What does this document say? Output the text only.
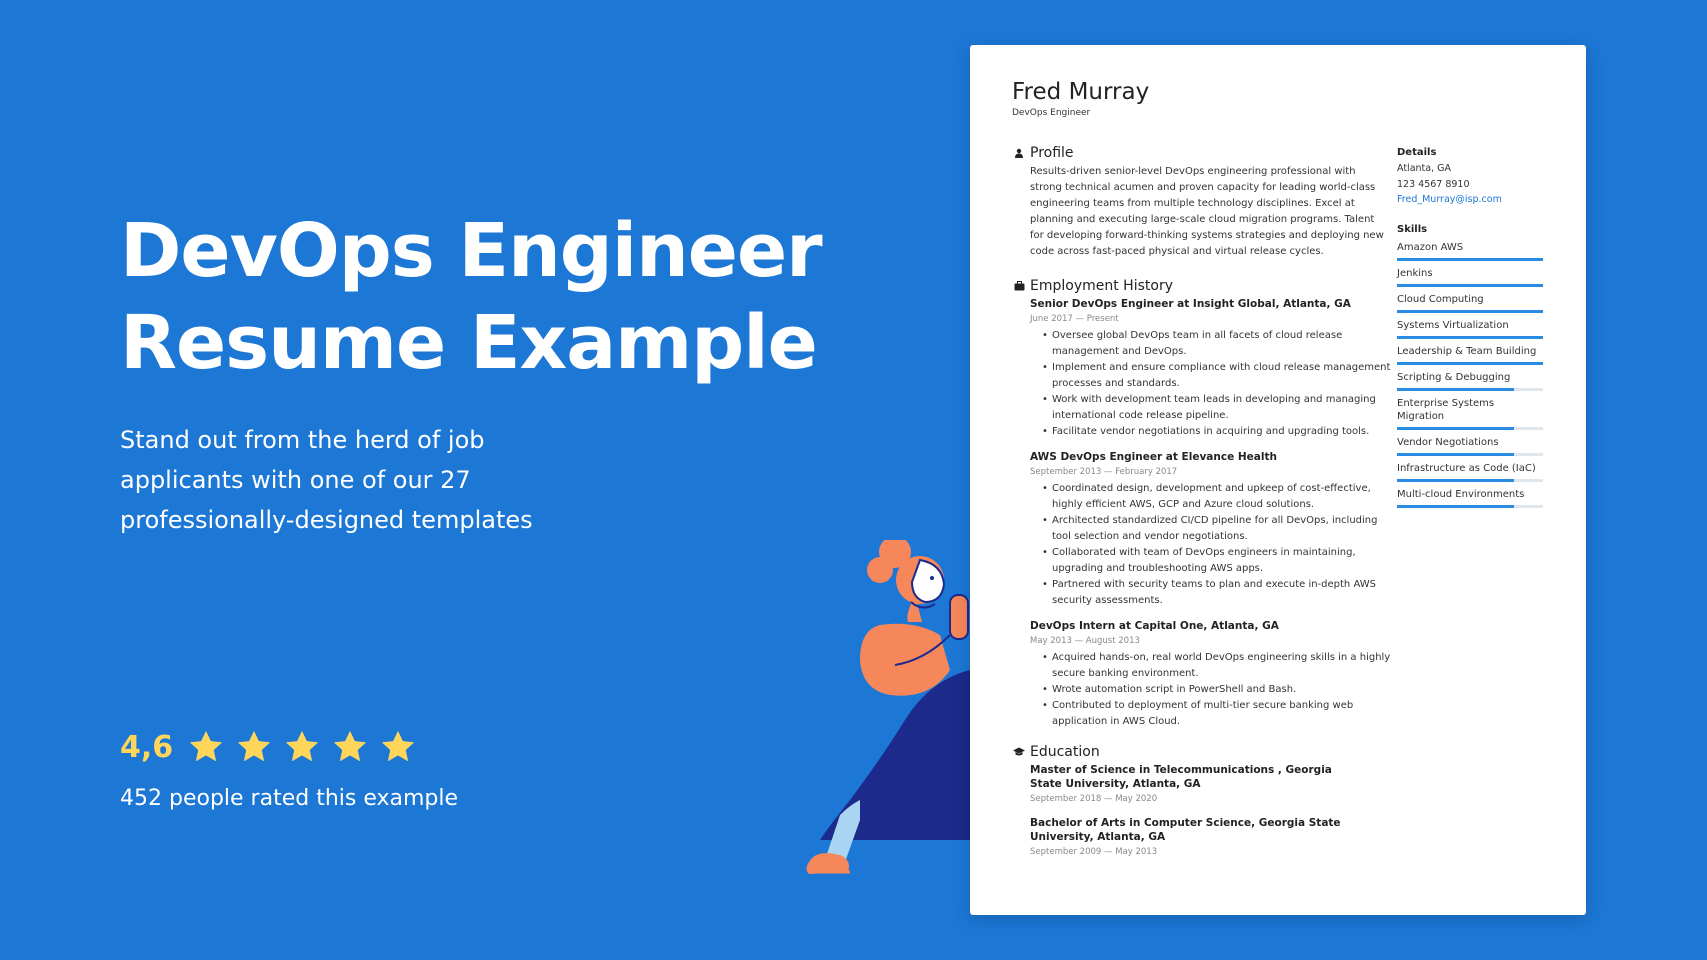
DevOps Engineer
Resume Example

Stand out from the herd of job applicants with one of our 27 professionally-designed templates

4,6
452 people rated this example
Fred Murray
DevOps Engineer
Profile

Results-driven senior-level DevOps engineering professional with strong technical acumen and proven capacity for leading world-class engineering teams from multiple technology disciplines. Excel at planning and executing large-scale cloud migration programs. Talent for developing forward-thinking systems strategies and deploying new code across fast-paced physical and virtual release cycles.

Employment History
Senior DevOps Engineer at Insight Global, Atlanta, GA
June 2017 — Present
• Oversee global DevOps team in all facets of cloud release management and DevOps.
• Implement and ensure compliance with cloud release management processes and standards.
• Work with development team leads in developing and managing international code release pipeline.
• Facilitate vendor negotiations in acquiring and upgrading tools.
AWS DevOps Engineer at Elevance Health
September 2013 — February 2017
• Coordinated design, development and upkeep of cost-effective, highly efficient AWS, GCP and Azure cloud solutions.
• Architected standardized CI/CD pipeline for all DevOps, including tool selection and vendor negotiations.
• Collaborated with team of DevOps engineers in maintaining, upgrading and troubleshooting AWS apps.
• Partnered with security teams to plan and execute in-depth AWS security assessments.
DevOps Intern at Capital One, Atlanta, GA
May 2013 — August 2013
• Acquired hands-on, real world DevOps engineering skills in a highly secure banking environment.
• Wrote automation script in PowerShell and Bash.
• Contributed to deployment of multi-tier secure banking web application in AWS Cloud.
Education
Master of Science in Telecommunications , Georgia State University, Atlanta, GA
September 2018 — May 2020
Bachelor of Arts in Computer Science, Georgia State University, Atlanta, GA
September 2009 — May 2013
Details
Atlanta, GA
123 4567 8910
Fred_Murray@isp.com
Skills
Amazon AWS
Jenkins
Cloud Computing
Systems Virtualization
Leadership & Team Building
Scripting & Debugging
Enterprise Systems Migration
Vendor Negotiations
Infrastructure as Code (IaC)
Multi-cloud Environments
